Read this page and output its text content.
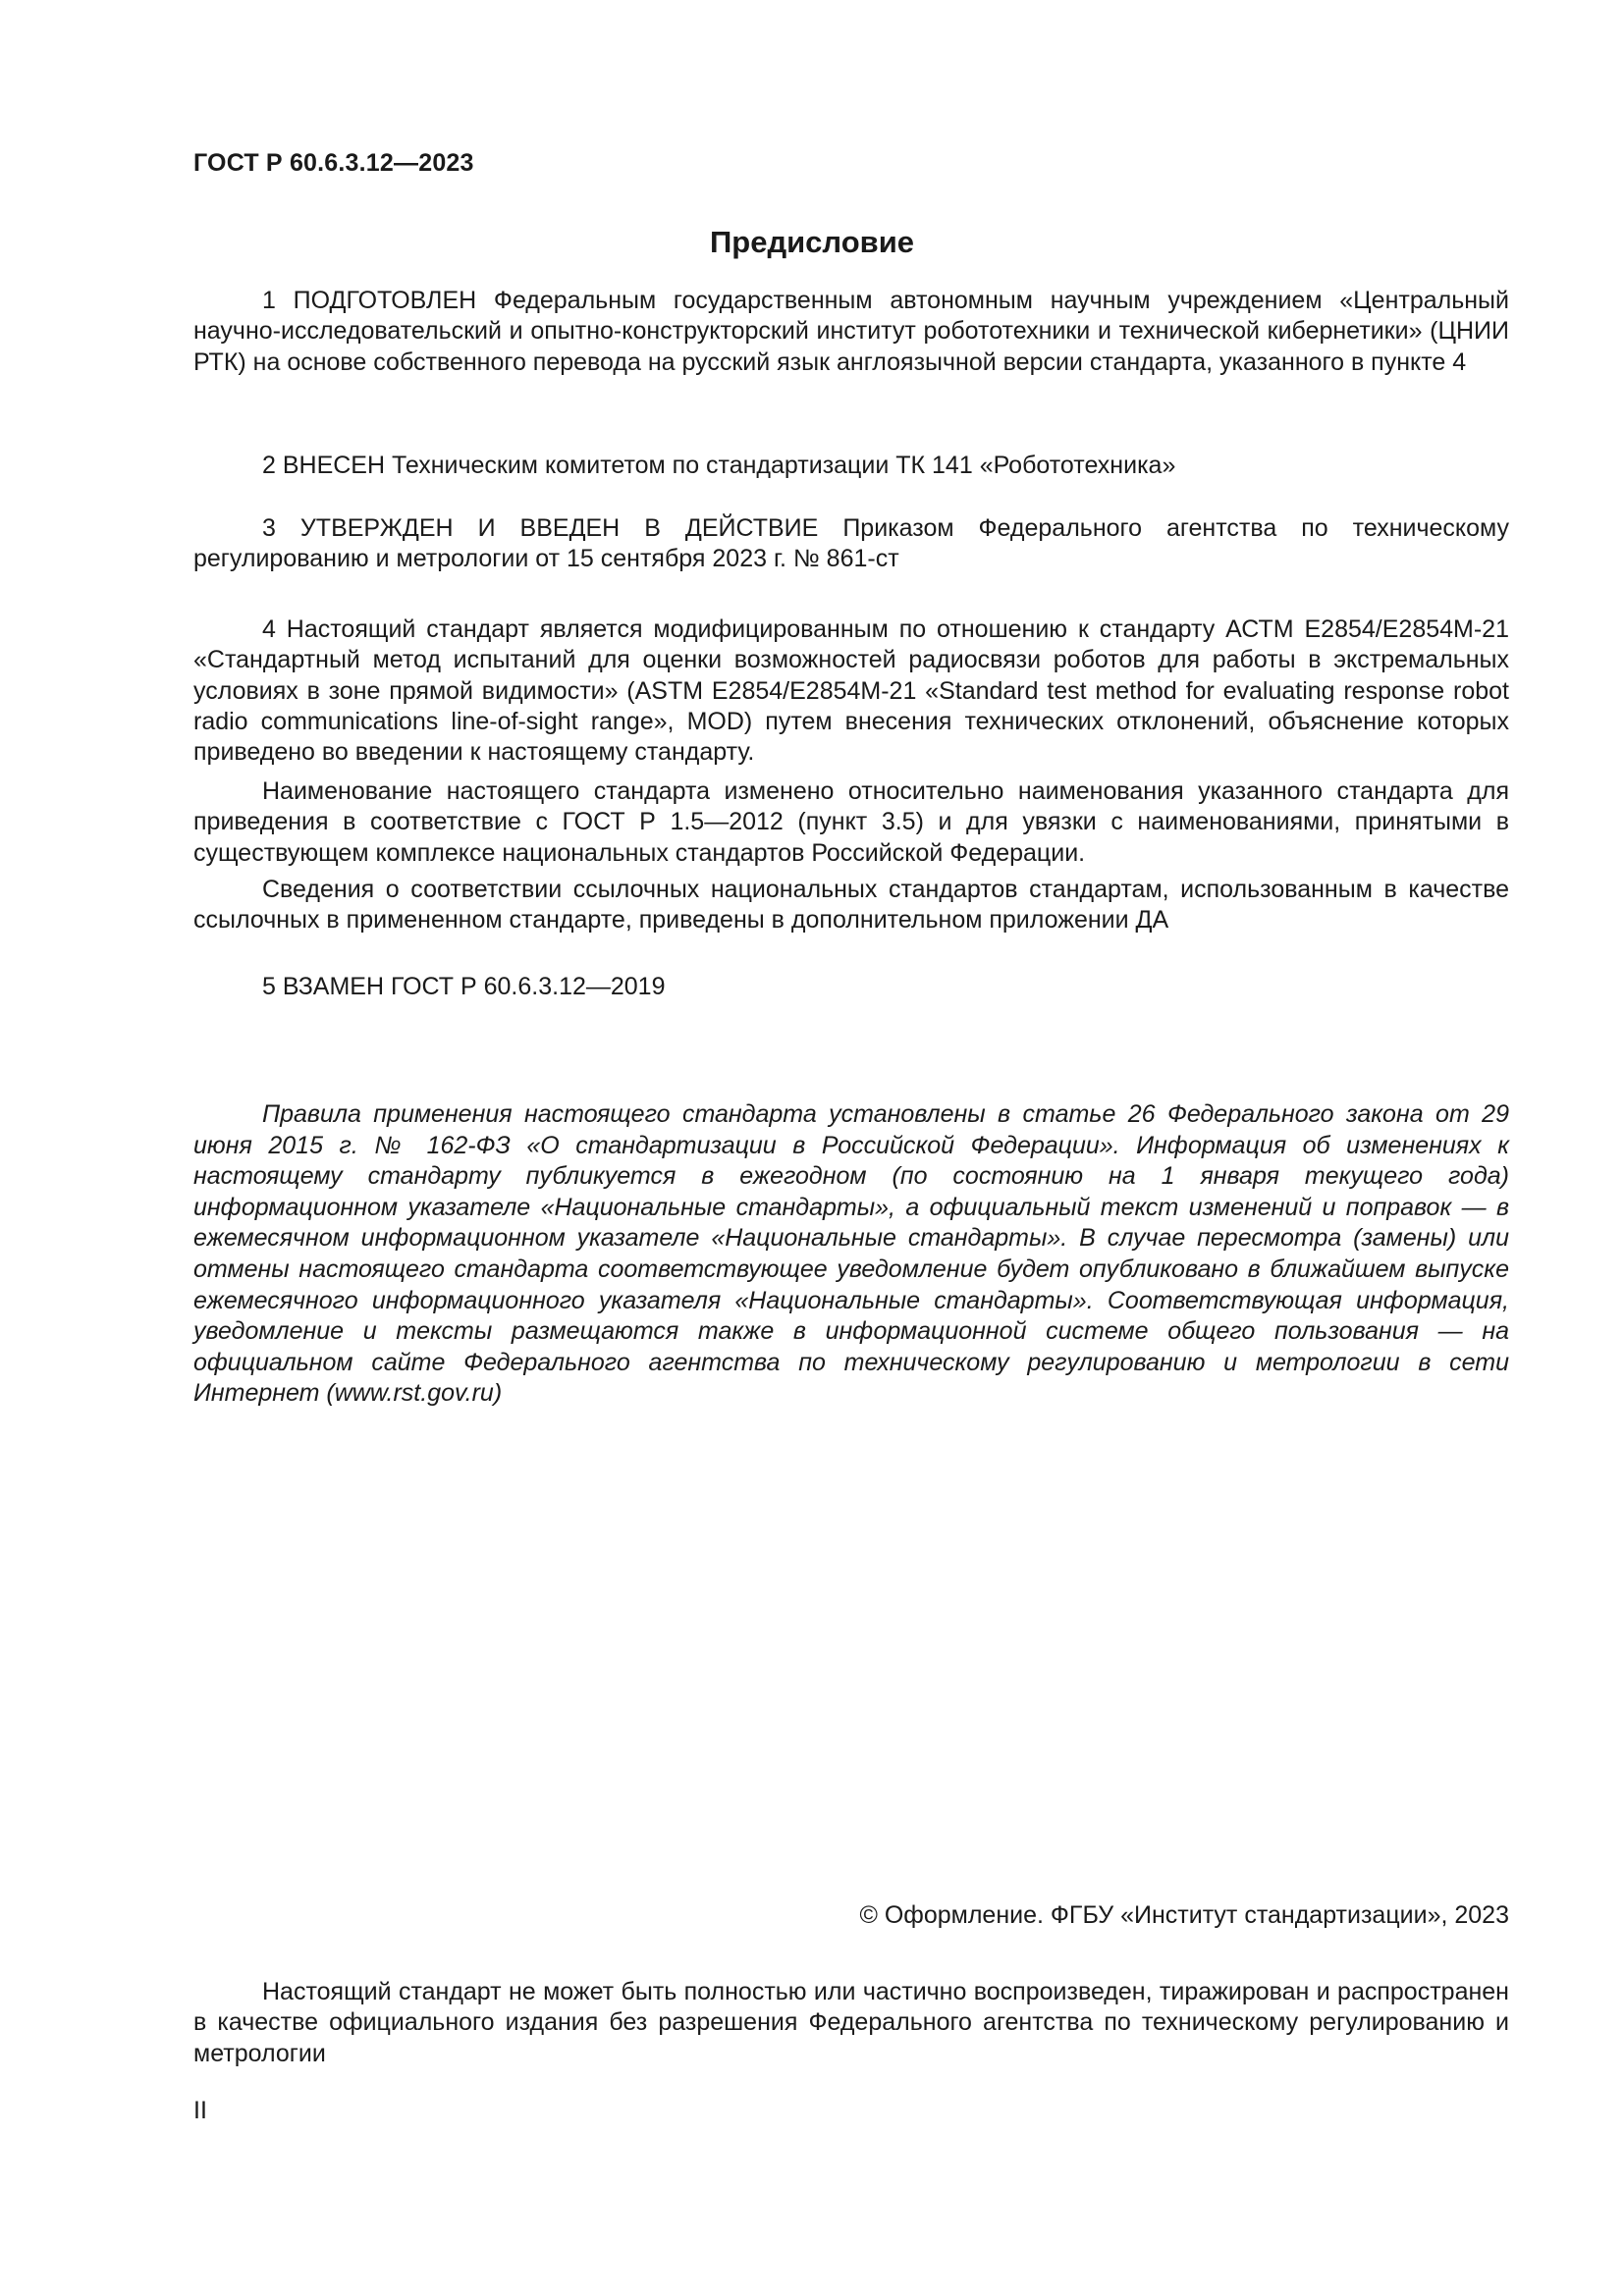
ГОСТ Р 60.6.3.12—2023
Предисловие

1 ПОДГОТОВЛЕН Федеральным государственным автономным научным учреждением «Центральный научно-исследовательский и опытно-конструкторский институт робототехники и технической кибернетики» (ЦНИИ РТК) на основе собственного перевода на русский язык англоязычной версии стандарта, указанного в пункте 4

2 ВНЕСЕН Техническим комитетом по стандартизации ТК 141 «Робототехника»

3 УТВЕРЖДЕН И ВВЕДЕН В ДЕЙСТВИЕ Приказом Федерального агентства по техническому регулированию и метрологии от 15 сентября 2023 г. № 861-ст

4 Настоящий стандарт является модифицированным по отношению к стандарту АСТМ Е2854/Е2854М-21 «Стандартный метод испытаний для оценки возможностей радиосвязи роботов для работы в экстремальных условиях в зоне прямой видимости» (ASTM E2854/E2854M-21 «Standard test method for evaluating response robot radio communications line-of-sight range», MOD) путем внесения технических отклонений, объяснение которых приведено во введении к настоящему стандарту.

Наименование настоящего стандарта изменено относительно наименования указанного стандарта для приведения в соответствие с ГОСТ Р 1.5—2012 (пункт 3.5) и для увязки с наименованиями, принятыми в существующем комплексе национальных стандартов Российской Федерации.

Сведения о соответствии ссылочных национальных стандартов стандартам, использованным в качестве ссылочных в примененном стандарте, приведены в дополнительном приложении ДА

5 ВЗАМЕН ГОСТ Р 60.6.3.12—2019

Правила применения настоящего стандарта установлены в статье 26 Федерального закона от 29 июня 2015 г. № 162-ФЗ «О стандартизации в Российской Федерации». Информация об изменениях к настоящему стандарту публикуется в ежегодном (по состоянию на 1 января текущего года) информационном указателе «Национальные стандарты», а официальный текст изменений и поправок — в ежемесячном информационном указателе «Национальные стандарты». В случае пересмотра (замены) или отмены настоящего стандарта соответствующее уведомление будет опубликовано в ближайшем выпуске ежемесячного информационного указателя «Национальные стандарты». Соответствующая информация, уведомление и тексты размещаются также в информационной системе общего пользования — на официальном сайте Федерального агентства по техническому регулированию и метрологии в сети Интернет (www.rst.gov.ru)

© Оформление. ФГБУ «Институт стандартизации», 2023

Настоящий стандарт не может быть полностью или частично воспроизведен, тиражирован и распространен в качестве официального издания без разрешения Федерального агентства по техническому регулированию и метрологии

II
